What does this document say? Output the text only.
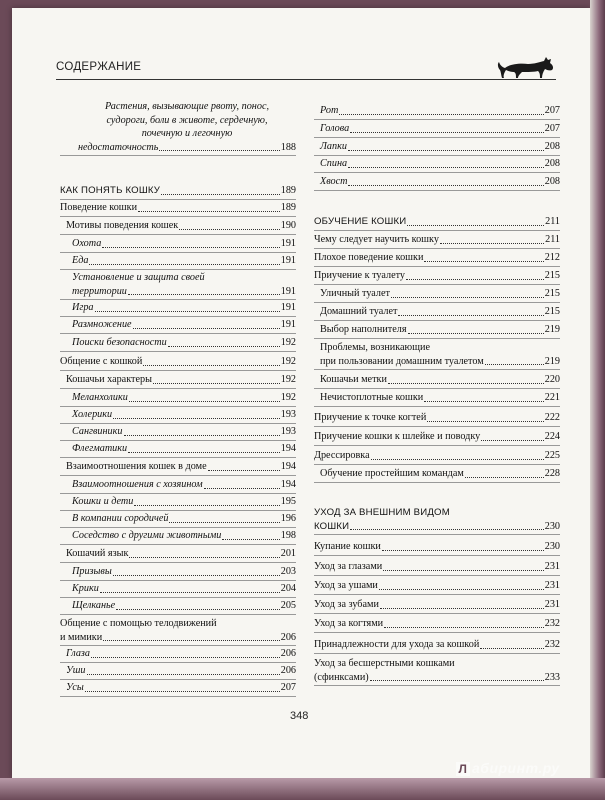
СОДЕРЖАНИЕ
Растения, вызывающие рвоту, понос,
судороги, боли в животе, сердечную,
почечную и легочную
недостаточность	188
КАК ПОНЯТЬ КОШКУ	189
Поведение кошки	189
Мотивы поведения кошек	190
Охота	191
Еда	191
Установление и защита своей
территории	191
Игра	191
Размножение	191
Поиски безопасности	192
Общение с кошкой	192
Кошачьи характеры	192
Меланхолики	192
Холерики	193
Сангвиники	193
Флегматики	194
Взаимоотношения кошек в доме	194
Взаимоотношения с хозяином	194
Кошки и дети	195
В компании сородичей	196
Соседство с другими животными	198
Кошачий язык	201
Призывы	203
Крики	204
Щелканье	205
Общение с помощью телодвижений
и мимики	206
Глаза	206
Уши	206
Усы	207
Рот	207
Голова	207
Лапки	208
Спина	208
Хвост	208
ОБУЧЕНИЕ КОШКИ	211
Чему следует научить кошку	211
Плохое поведение кошки	212
Приучение к туалету	215
Уличный туалет	215
Домашний туалет	215
Выбор наполнителя	219
Проблемы, возникающие
при пользовании домашним туалетом	219
Кошачьи метки	220
Нечистоплотные кошки	221
Приучение к точке когтей	222
Приучение кошки к шлейке и поводку	224
Дрессировка	225
Обучение простейшим командам	228
УХОД ЗА ВНЕШНИМ ВИДОМ
КОШКИ	230
Купание кошки	230
Уход за глазами	231
Уход за ушами	231
Уход за зубами	231
Уход за когтями	232
Принадлежности для ухода за кошкой	232
Уход за бесшерстными кошками
(сфинксами)	233
348
Л абиринт.ру
